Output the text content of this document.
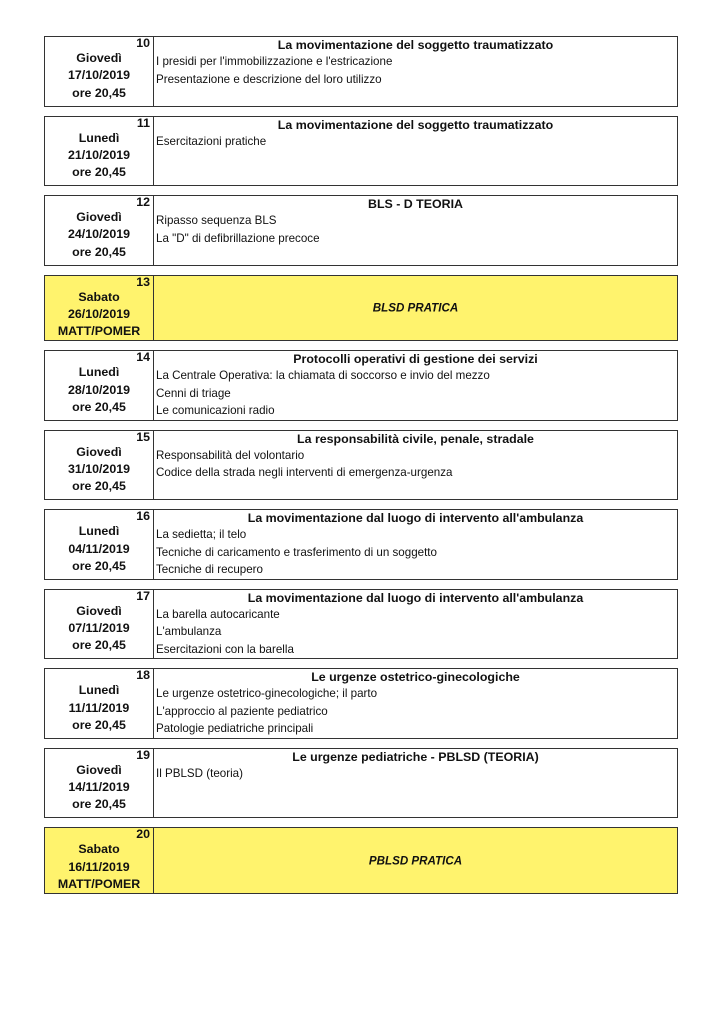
10
Giovedì
17/10/2019
ore 20,45
La movimentazione del soggetto traumatizzato
I presidi per l'immobilizzazione e l'estricazione
Presentazione e descrizione del loro utilizzo
11
Lunedì
21/10/2019
ore 20,45
La movimentazione del soggetto traumatizzato
Esercitazioni pratiche
12
Giovedì
24/10/2019
ore 20,45
BLS - D TEORIA
Ripasso sequenza BLS
La "D" di defibrillazione precoce
13
Sabato
26/10/2019
MATT/POMER
BLSD PRATICA
14
Lunedì
28/10/2019
ore 20,45
Protocolli operativi di gestione dei servizi
La Centrale Operativa: la chiamata di soccorso e invio del mezzo
Cenni di triage
Le comunicazioni radio
15
Giovedì
31/10/2019
ore 20,45
La responsabilità civile, penale, stradale
Responsabilità del volontario
Codice della strada negli interventi di emergenza-urgenza
16
Lunedì
04/11/2019
ore 20,45
La movimentazione dal luogo di intervento all'ambulanza
La sedietta; il telo
Tecniche di caricamento e trasferimento di un soggetto
Tecniche di recupero
17
Giovedì
07/11/2019
ore 20,45
La movimentazione dal luogo di intervento all'ambulanza
La barella autocaricante
L'ambulanza
Esercitazioni con la barella
18
Lunedì
11/11/2019
ore 20,45
Le urgenze ostetrico-ginecologiche
Le urgenze ostetrico-ginecologiche; il parto
L'approccio al paziente pediatrico
Patologie pediatriche principali
19
Giovedì
14/11/2019
ore 20,45
Le urgenze pediatriche - PBLSD (TEORIA)
Il PBLSD (teoria)
20
Sabato
16/11/2019
MATT/POMER
PBLSD PRATICA
